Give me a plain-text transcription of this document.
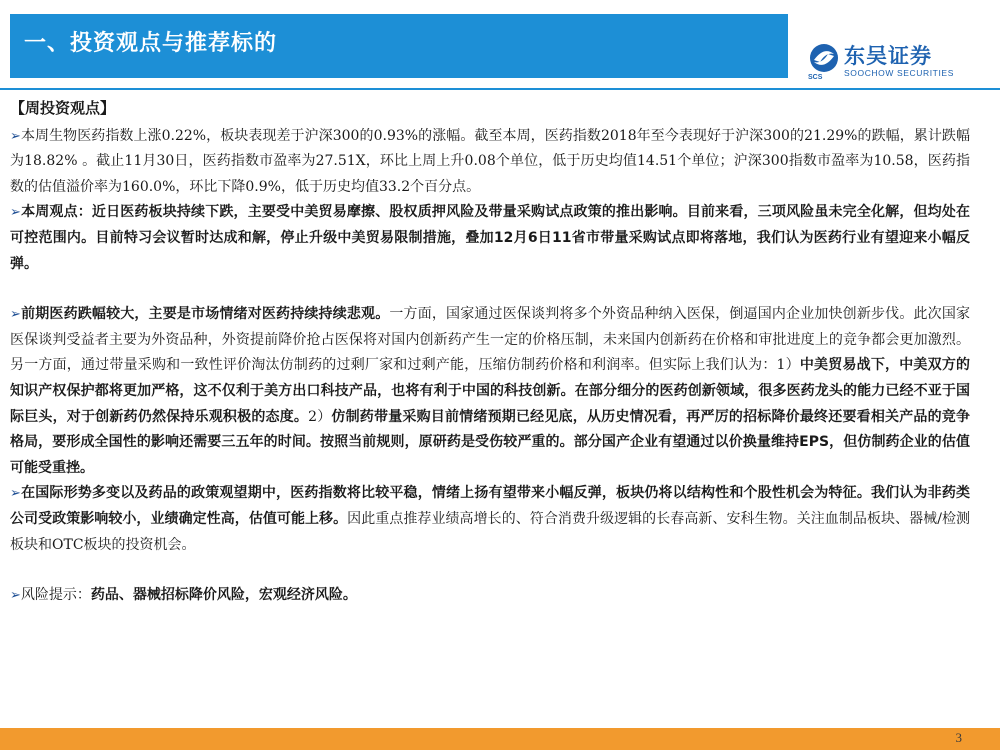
一、投资观点与推荐标的	东吴证券
SOOCHOW SECURITIES
SCS
【周投资观点】

➢本周生物医药指数上涨0.22%，板块表现差于沪深300的0.93%的涨幅。截至本周，医药指数2018年至今表现好于沪深300的21.29%的跌幅，累计跌幅为18.82% 。截止11月30日，医药指数市盈率为27.51X，环比上周上升0.08个单位，低于历史均值14.51个单位；沪深300指数市盈率为10.58，医药指数的估值溢价率为160.0%，环比下降0.9%，低于历史均值33.2个百分点。

➢本周观点：近日医药板块持续下跌，主要受中美贸易摩擦、股权质押风险及带量采购试点政策的推出影响。目前来看，三项风险虽未完全化解，但均处在可控范围内。目前特习会议暂时达成和解，停止升级中美贸易限制措施，叠加12月6日11省市带量采购试点即将落地，我们认为医药行业有望迎来小幅反弹。

➢前期医药跌幅较大，主要是市场情绪对医药持续持续悲观。一方面，国家通过医保谈判将多个外资品种纳入医保，倒逼国内企业加快创新步伐。此次国家医保谈判受益者主要为外资品种，外资提前降价抢占医保将对国内创新药产生一定的价格压制，未来国内创新药在价格和审批进度上的竞争都会更加激烈。另一方面，通过带量采购和一致性评价淘汰仿制药的过剩厂家和过剩产能，压缩仿制药价格和利润率。但实际上我们认为：1）中美贸易战下，中美双方的知识产权保护都将更加严格，这不仅利于美方出口科技产品，也将有利于中国的科技创新。在部分细分的医药创新领域，很多医药龙头的能力已经不亚于国际巨头，对于创新药仍然保持乐观积极的态度。2）仿制药带量采购目前情绪预期已经见底，从历史情况看，再严厉的招标降价最终还要看相关产品的竞争格局，要形成全国性的影响还需要三五年的时间。按照当前规则，原研药是受伤较严重的。部分国产企业有望通过以价换量维持EPS，但仿制药企业的估值可能受重挫。

➢在国际形势多变以及药品的政策观望期中，医药指数将比较平稳，情绪上扬有望带来小幅反弹，板块仍将以结构性和个股性机会为特征。我们认为非药类公司受政策影响较小，业绩确定性高，估值可能上移。因此重点推荐业绩高增长的、符合消费升级逻辑的长春高新、安科生物。关注血制品板块、器械/检测板块和OTC板块的投资机会。

➢风险提示：药品、器械招标降价风险，宏观经济风险。

3
